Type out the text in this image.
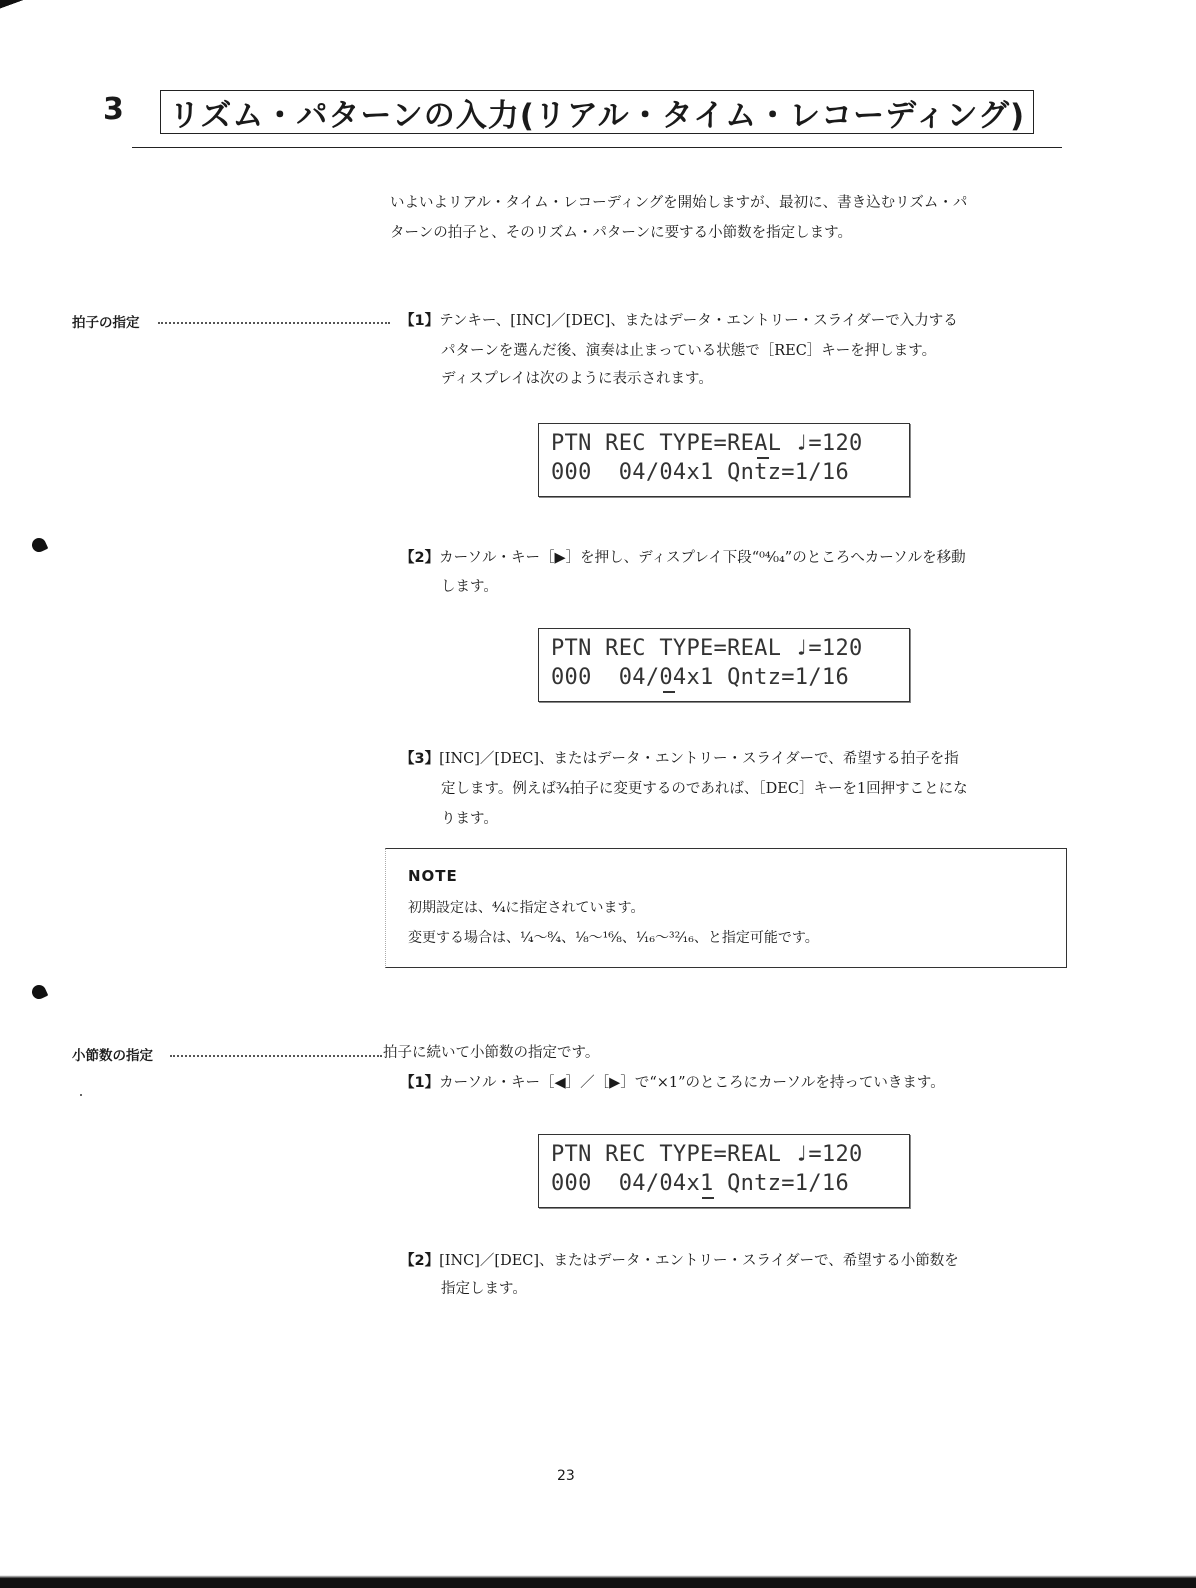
3 リズム・パターンの入力(リアル・タイム・レコーディング)
いよいよリアル・タイム・レコーディングを開始しますが、最初に、書き込むリズム・パ
ターンの拍子と、そのリズム・パターンに要する小節数を指定します。
拍子の指定	【1】テンキー、[INC]／[DEC]、またはデータ・エントリー・スライダーで入力する
パターンを選んだ後、演奏は止まっている状態で［REC］キーを押します。
ディスプレイは次のように表示されます。
PTN REC TYPE=REAL ♩=120
000  04/04x1 Qntz=1/16
【2】カーソル・キー［▶］を押し、ディスプレイ下段“⁰⁴⁄₀₄”のところへカーソルを移動
します。
PTN REC TYPE=REAL ♩=120
000  04/04x1 Qntz=1/16
【3】[INC]／[DEC]、またはデータ・エントリー・スライダーで、希望する拍子を指
定します。例えば¾拍子に変更するのであれば、［DEC］キーを1回押すことにな
ります。
NOTE
初期設定は、⁴⁄₄に指定されています。
変更する場合は、¹⁄₄〜⁸⁄₄、¹⁄₈〜¹⁶⁄₈、¹⁄₁₆〜³²⁄₁₆、と指定可能です。
小節数の指定	拍子に続いて小節数の指定です。
【1】カーソル・キー［◀］／［▶］で“×1”のところにカーソルを持っていきます。
PTN REC TYPE=REAL ♩=120
000  04/04x1 Qntz=1/16
【2】[INC]／[DEC]、またはデータ・エントリー・スライダーで、希望する小節数を
指定します。
23
